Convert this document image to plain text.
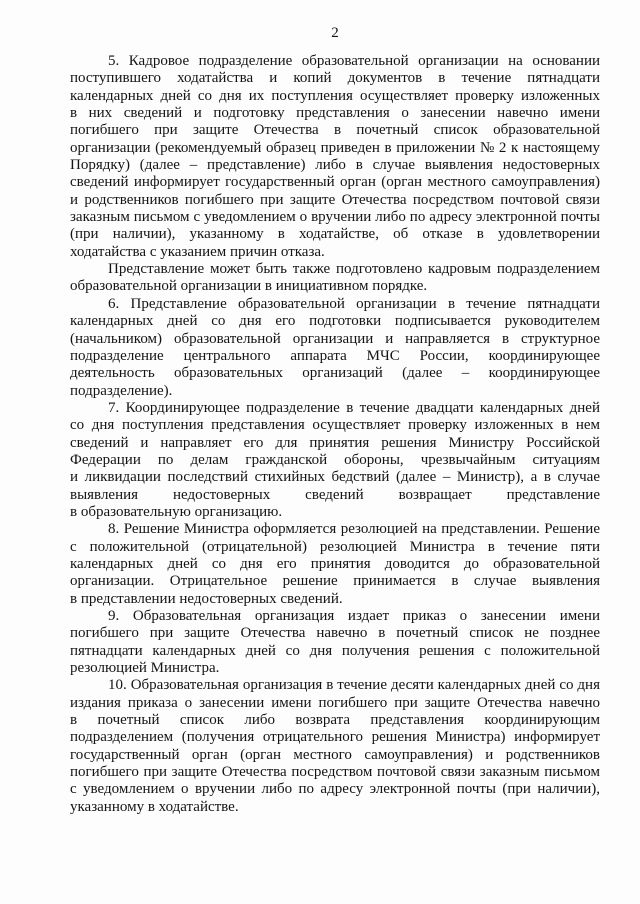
2
5. Кадровое подразделение образовательной организации на основании
поступившего ходатайства и копий документов в течение пятнадцати
календарных дней со дня их поступления осуществляет проверку изложенных
в них сведений и подготовку представления о занесении навечно имени
погибшего при защите Отечества в почетный список образовательной
организации (рекомендуемый образец приведен в приложении № 2 к настоящему
Порядку) (далее – представление) либо в случае выявления недостоверных
сведений информирует государственный орган (орган местного самоуправления)
и родственников погибшего при защите Отечества посредством почтовой связи
заказным письмом с уведомлением о вручении либо по адресу электронной почты
(при наличии), указанному в ходатайстве, об отказе в удовлетворении
ходатайства с указанием причин отказа.
Представление может быть также подготовлено кадровым подразделением
образовательной организации в инициативном порядке.
6. Представление образовательной организации в течение пятнадцати
календарных дней со дня его подготовки подписывается руководителем
(начальником) образовательной организации и направляется в структурное
подразделение центрального аппарата МЧС России, координирующее
деятельность образовательных организаций (далее – координирующее
подразделение).
7. Координирующее подразделение в течение двадцати календарных дней
со дня поступления представления осуществляет проверку изложенных в нем
сведений и направляет его для принятия решения Министру Российской
Федерации по делам гражданской обороны, чрезвычайным ситуациям
и ликвидации последствий стихийных бедствий (далее – Министр), а в случае
выявления недостоверных сведений возвращает представление
в образовательную организацию.
8. Решение Министра оформляется резолюцией на представлении. Решение
с положительной (отрицательной) резолюцией Министра в течение пяти
календарных дней со дня его принятия доводится до образовательной
организации. Отрицательное решение принимается в случае выявления
в представлении недостоверных сведений.
9. Образовательная организация издает приказ о занесении имени
погибшего при защите Отечества навечно в почетный список не позднее
пятнадцати календарных дней со дня получения решения с положительной
резолюцией Министра.
10. Образовательная организация в течение десяти календарных дней со дня
издания приказа о занесении имени погибшего при защите Отечества навечно
в почетный список либо возврата представления координирующим
подразделением (получения отрицательного решения Министра) информирует
государственный орган (орган местного самоуправления) и родственников
погибшего при защите Отечества посредством почтовой связи заказным письмом
с уведомлением о вручении либо по адресу электронной почты (при наличии),
указанному в ходатайстве.
